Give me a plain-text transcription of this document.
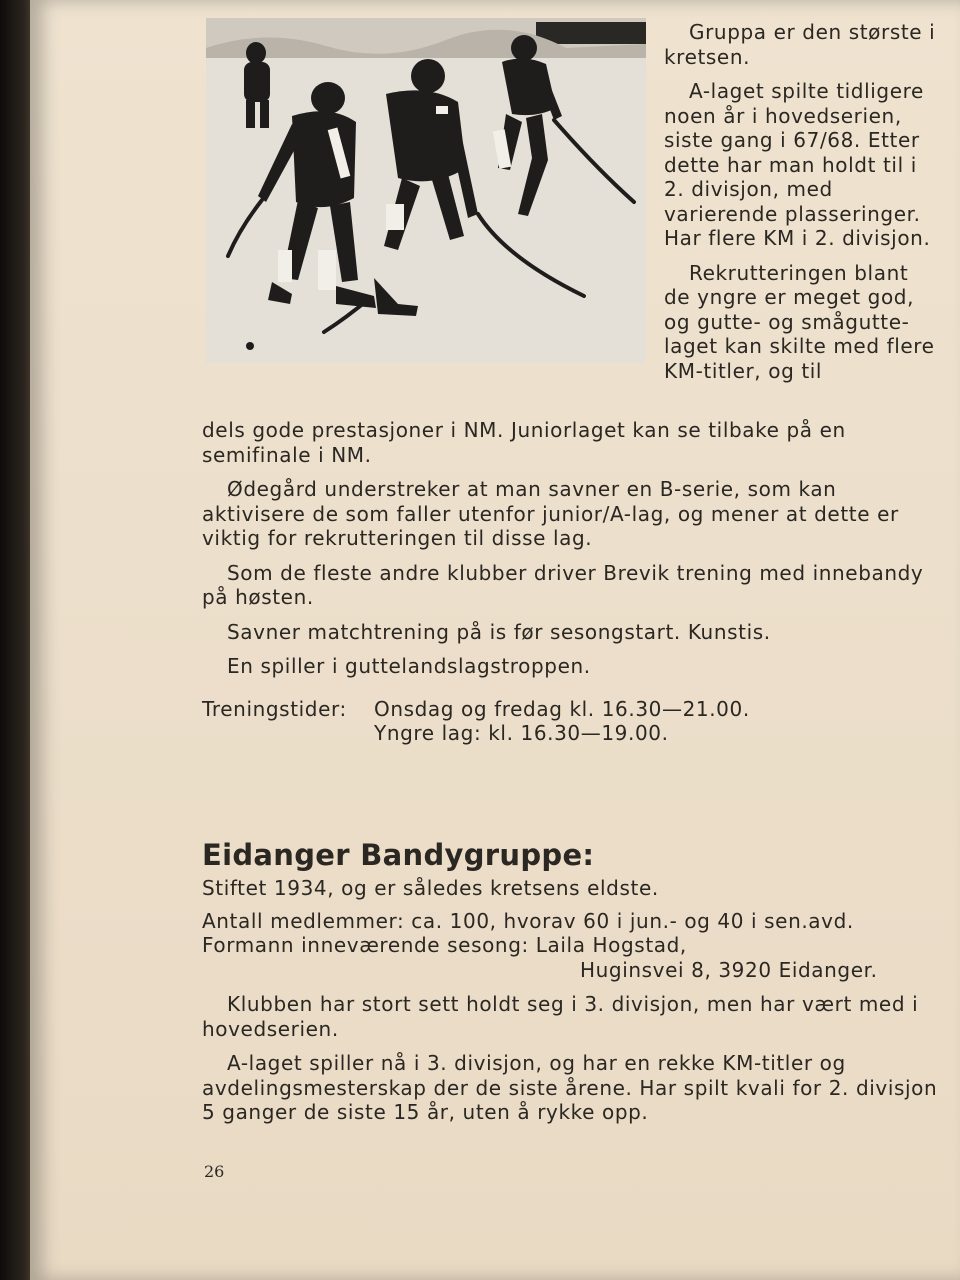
Gruppa er den største i kretsen.

A-laget spilte tidligere noen år i hovedserien, siste gang i 67/68. Etter dette har man holdt til i 2. divisjon, med varierende plasseringer. Har flere KM i 2. divisjon.

Rekrutteringen blant de yngre er meget god, og gutte- og smågutte-laget kan skilte med flere KM-titler, og til

dels gode prestasjoner i NM. Juniorlaget kan se tilbake på en semifinale i NM.

Ødegård understreker at man savner en B-serie, som kan aktivisere de som faller utenfor junior/A-lag, og mener at dette er viktig for rekrutteringen til disse lag.

Som de fleste andre klubber driver Brevik trening med innebandy på høsten.

Savner matchtrening på is før sesongstart. Kunstis.

En spiller i guttelandslagstroppen.

Treningstider:	Onsdag og fredag kl. 16.30—21.00.
Yngre lag: kl. 16.30—19.00.
Eidanger Bandygruppe:

Stiftet 1934, og er således kretsens eldste.

Antall medlemmer: ca. 100, hvorav 60 i jun.- og 40 i sen.avd.

Formann inneværende sesong: Laila Hogstad,

Huginsvei 8, 3920 Eidanger.

Klubben har stort sett holdt seg i 3. divisjon, men har vært med i hovedserien.

A-laget spiller nå i 3. divisjon, og har en rekke KM-titler og avdelingsmesterskap der de siste årene. Har spilt kvali for 2. divisjon 5 ganger de siste 15 år, uten å rykke opp.

26
